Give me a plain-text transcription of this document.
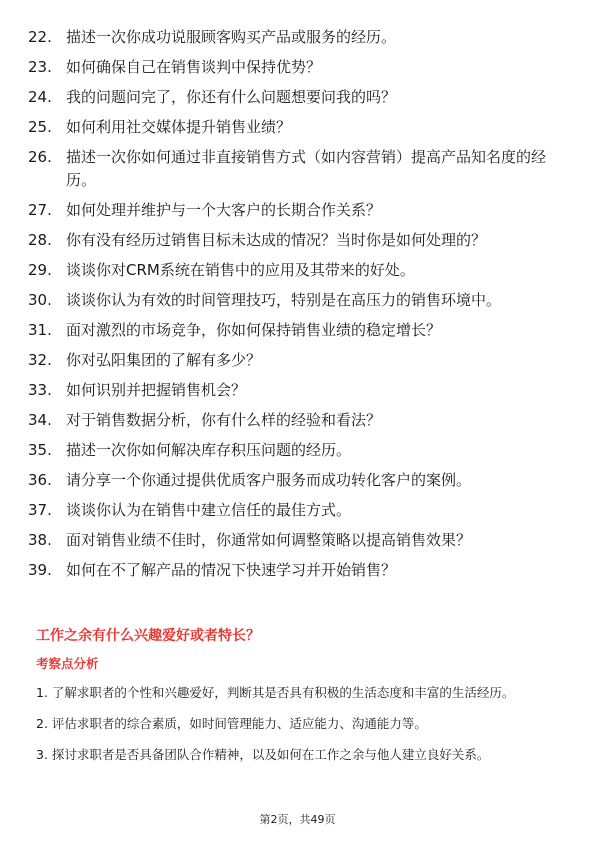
22. 描述一次你成功说服顾客购买产品或服务的经历。
23. 如何确保自己在销售谈判中保持优势？
24. 我的问题问完了，你还有什么问题想要问我的吗？
25. 如何利用社交媒体提升销售业绩？
26. 描述一次你如何通过非直接销售方式（如内容营销）提高产品知名度的经历。
27. 如何处理并维护与一个大客户的长期合作关系？
28. 你有没有经历过销售目标未达成的情况？当时你是如何处理的？
29. 谈谈你对CRM系统在销售中的应用及其带来的好处。
30. 谈谈你认为有效的时间管理技巧，特别是在高压力的销售环境中。
31. 面对激烈的市场竞争，你如何保持销售业绩的稳定增长？
32. 你对弘阳集团的了解有多少？
33. 如何识别并把握销售机会？
34. 对于销售数据分析，你有什么样的经验和看法？
35. 描述一次你如何解决库存积压问题的经历。
36. 请分享一个你通过提供优质客户服务而成功转化客户的案例。
37. 谈谈你认为在销售中建立信任的最佳方式。
38. 面对销售业绩不佳时，你通常如何调整策略以提高销售效果？
39. 如何在不了解产品的情况下快速学习并开始销售？
工作之余有什么兴趣爱好或者特长？
考察点分析

1. 了解求职者的个性和兴趣爱好，判断其是否具有积极的生活态度和丰富的生活经历。

2. 评估求职者的综合素质，如时间管理能力、适应能力、沟通能力等。

3. 探讨求职者是否具备团队合作精神，以及如何在工作之余与他人建立良好关系。

第2页，共49页
